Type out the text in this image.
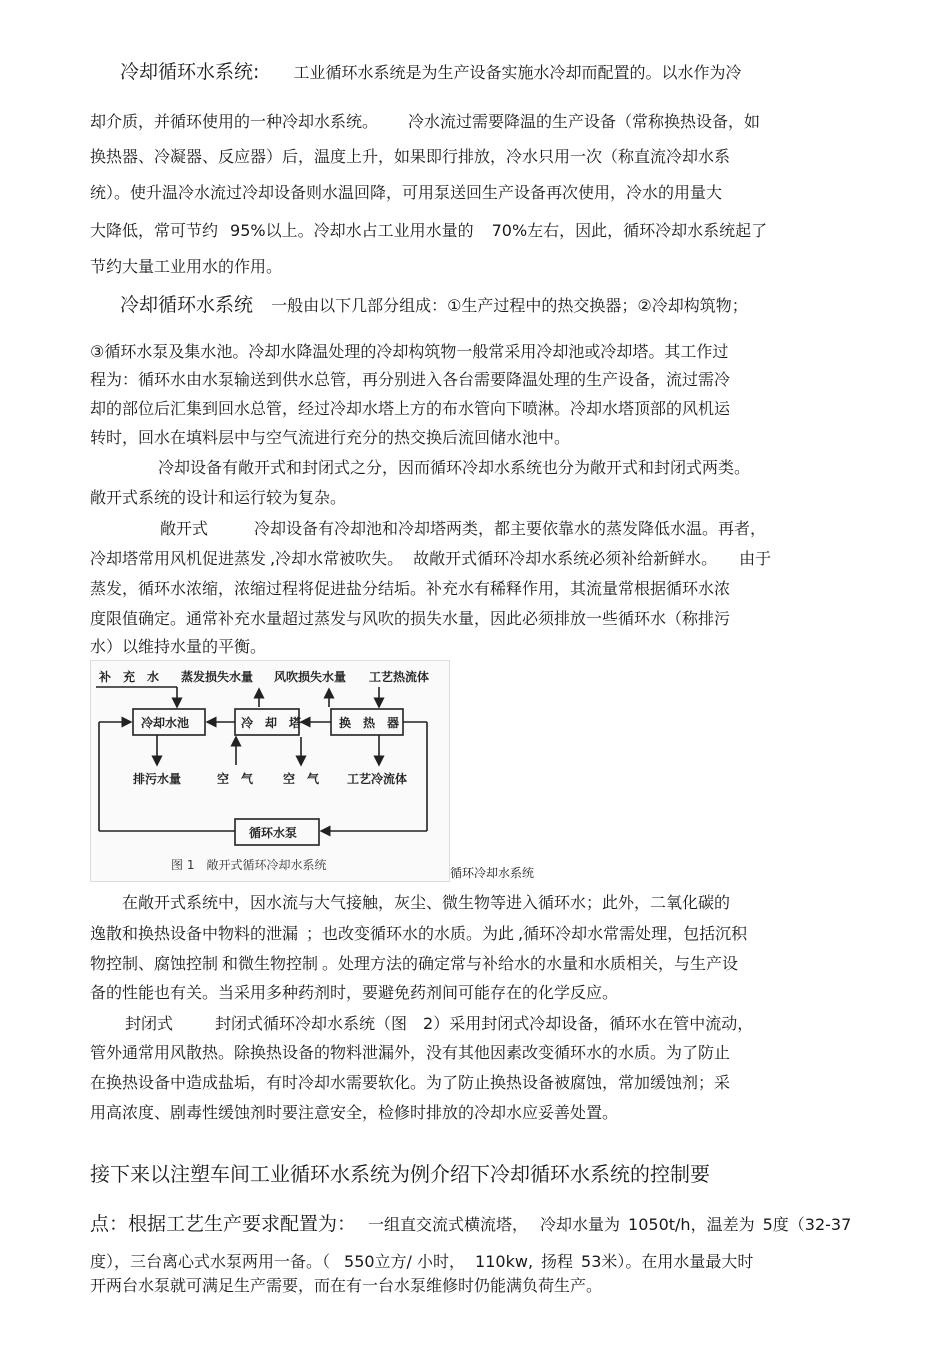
冷却循环水系统: 工业循环水系统是为生产设备实施水冷却而配置的。以水作为冷
却介质，并循环使用的一种冷却水系统。 冷水流过需要降温的生产设备（常称换热设备，如
换热器、冷凝器、反应器）后，温度上升，如果即行排放，冷水只用一次（称直流冷却水系
统）。使升温冷水流过冷却设备则水温回降，可用泵送回生产设备再次使用，冷水的用量大
大降低，常可节约 95%以上。冷却水占工业用水量的 70%左右，因此，循环冷却水系统起了
节约大量工业用水的作用。
冷却循环水系统 一般由以下几部分组成：①生产过程中的热交换器；②冷却构筑物；
③循环水泵及集水池。冷却水降温处理的冷却构筑物一般常采用冷却池或冷却塔。其工作过
程为：循环水由水泵输送到供水总管，再分别进入各台需要降温处理的生产设备，流过需冷
却的部位后汇集到回水总管，经过冷却水塔上方的布水管向下喷淋。冷却水塔顶部的风机运
转时，回水在填料层中与空气流进行充分的热交换后流回储水池中。
冷却设备有敞开式和封闭式之分，因而循环冷却水系统也分为敞开式和封闭式两类。
敞开式系统的设计和运行较为复杂。
敞开式	冷却设备有冷却池和冷却塔两类，都主要依靠水的蒸发降低水温。再者，
冷却塔常用风机促进蒸发 ,冷却水常被吹失。 故敞开式循环冷却水系统必须补给新鲜水。 由于
蒸发，循环水浓缩，浓缩过程将促进盐分结垢。补充水有稀释作用，其流量常根据循环水浓
度限值确定。通常补充水量超过蒸发与风吹的损失水量，因此必须排放一些循环水（称排污
水）以维持水量的平衡。
补　充　水 蒸发损失水量 风吹损失水量 工艺热流体
冷却水池	冷　却　塔	换　热　器
循环水泵
排污水量	空　气 空　气 工艺冷流体
图 1　敞开式循环冷却水系统
循环冷却水系统
在敞开式系统中，因水流与大气接触，灰尘、微生物等进入循环水；此外，二氧化碳的
逸散和换热设备中物料的泄漏 ；也改变循环水的水质。为此 ,循环冷却水常需处理，包括沉积
物控制、腐蚀控制 和微生物控制 。处理方法的确定常与补给水的水量和水质相关，与生产设
备的性能也有关。当采用多种药剂时，要避免药剂间可能存在的化学反应。
封闭式	封闭式循环冷却水系统（图 2）采用封闭式冷却设备，循环水在管中流动，
管外通常用风散热。除换热设备的物料泄漏外，没有其他因素改变循环水的水质。为了防止
在换热设备中造成盐垢，有时冷却水需要软化。为了防止换热设备被腐蚀，常加缓蚀剂；采
用高浓度、剧毒性缓蚀剂时要注意安全，检修时排放的冷却水应妥善处置。
接下来以注塑车间工业循环水系统为例介绍下冷却循环水系统的控制要
点：根据工艺生产要求配置为： 一组直交流式横流塔， 冷却水量为 1050t/h，温差为 5度（32-37
度），三台离心式水泵两用一备。（ 550立方/ 小时， 110kw, 扬程 53米）。在用水量最大时
开两台水泵就可满足生产需要，而在有一台水泵维修时仍能满负荷生产。
